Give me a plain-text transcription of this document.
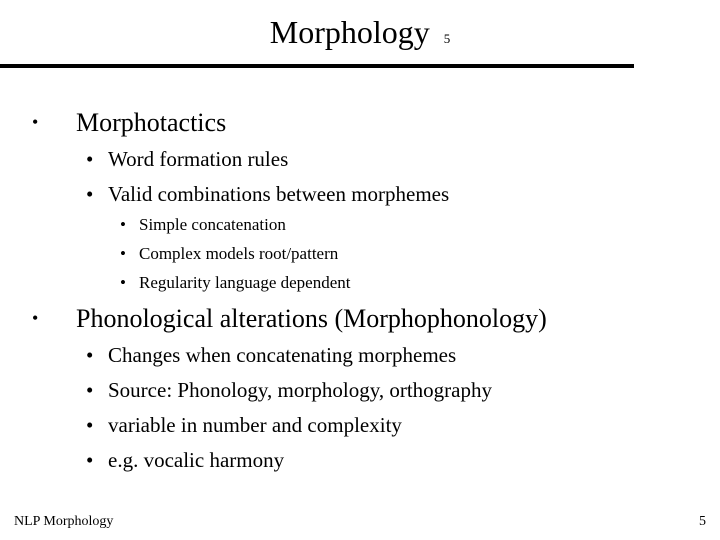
Morphology 5
• Morphotactics
• Word formation rules
• Valid combinations between morphemes
• Simple concatenation
• Complex models root/pattern
• Regularity language dependent
• Phonological alterations (Morphophonology)
• Changes when concatenating morphemes
• Source: Phonology, morphology, orthography
• variable in number and complexity
• e.g. vocalic harmony
NLP Morphology	5
